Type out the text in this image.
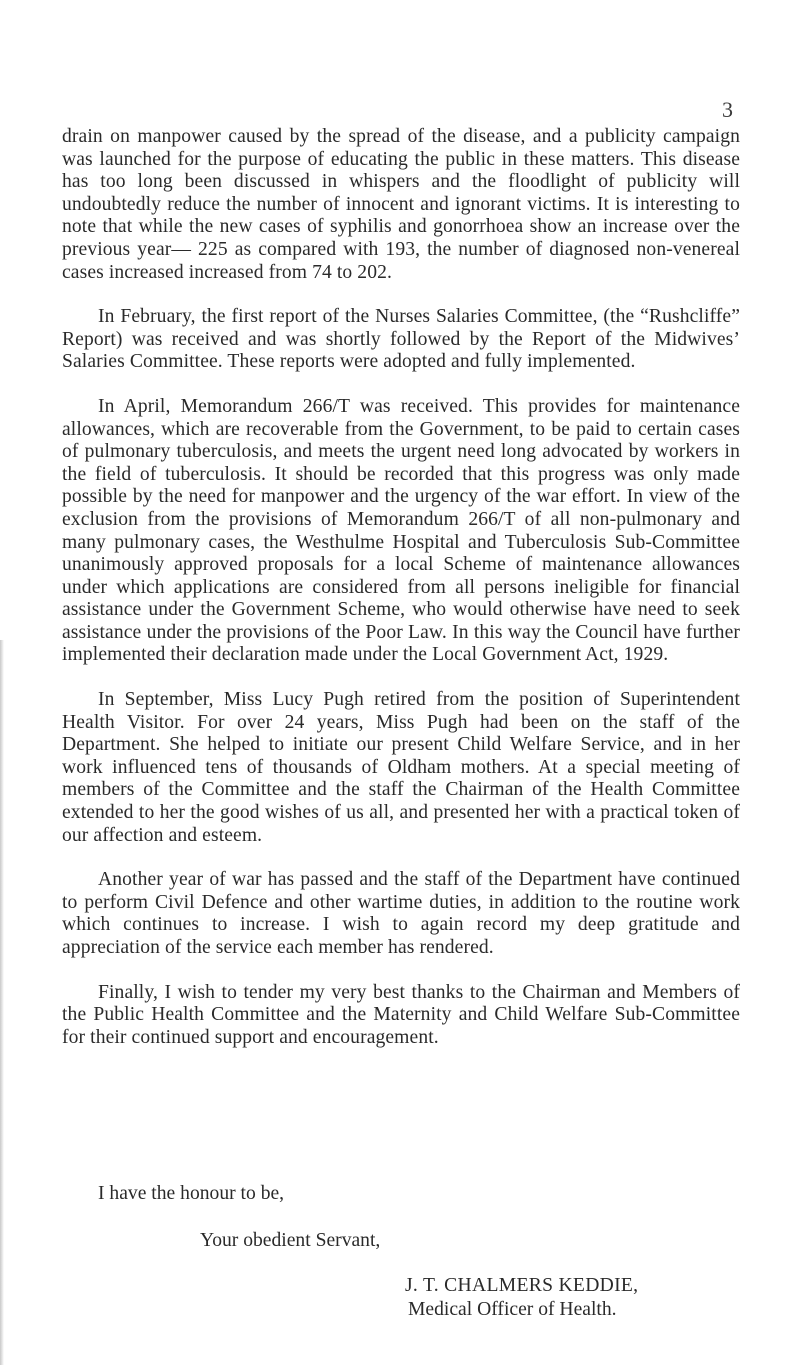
3

drain on manpower caused by the spread of the disease, and a publicity campaign was launched for the purpose of educating the public in these matters. This disease has too long been discussed in whispers and the floodlight of publicity will undoubtedly reduce the number of innocent and ignorant victims. It is interesting to note that while the new cases of syphilis and gonorrhoea show an increase over the previous year— 225 as compared with 193, the number of diagnosed non-venereal cases increased increased from 74 to 202.

In February, the first report of the Nurses Salaries Committee, (the “Rushcliffe” Report) was received and was shortly followed by the Report of the Midwives’ Salaries Committee. These reports were adopted and fully implemented.

In April, Memorandum 266/T was received. This provides for maintenance allowances, which are recoverable from the Government, to be paid to certain cases of pulmonary tuberculosis, and meets the urgent need long advocated by workers in the field of tuberculosis. It should be recorded that this progress was only made possible by the need for manpower and the urgency of the war effort. In view of the exclusion from the provisions of Memorandum 266/T of all non-pulmonary and many pulmonary cases, the Westhulme Hospital and Tuberculosis Sub-Committee unanimously approved proposals for a local Scheme of maintenance allowances under which applications are considered from all persons ineligible for financial assistance under the Government Scheme, who would otherwise have need to seek assistance under the provisions of the Poor Law. In this way the Council have further implemented their declaration made under the Local Government Act, 1929.

In September, Miss Lucy Pugh retired from the position of Superintendent Health Visitor. For over 24 years, Miss Pugh had been on the staff of the Department. She helped to initiate our present Child Welfare Service, and in her work influenced tens of thousands of Oldham mothers. At a special meeting of members of the Committee and the staff the Chairman of the Health Committee extended to her the good wishes of us all, and presented her with a practical token of our affection and esteem.

Another year of war has passed and the staff of the Department have continued to perform Civil Defence and other wartime duties, in addition to the routine work which continues to increase. I wish to again record my deep gratitude and appreciation of the service each member has rendered.

Finally, I wish to tender my very best thanks to the Chairman and Members of the Public Health Committee and the Maternity and Child Welfare Sub-Committee for their continued support and encouragement.

I have the honour to be,
Your obedient Servant,
J. T. CHALMERS KEDDIE,
Medical Officer of Health.
